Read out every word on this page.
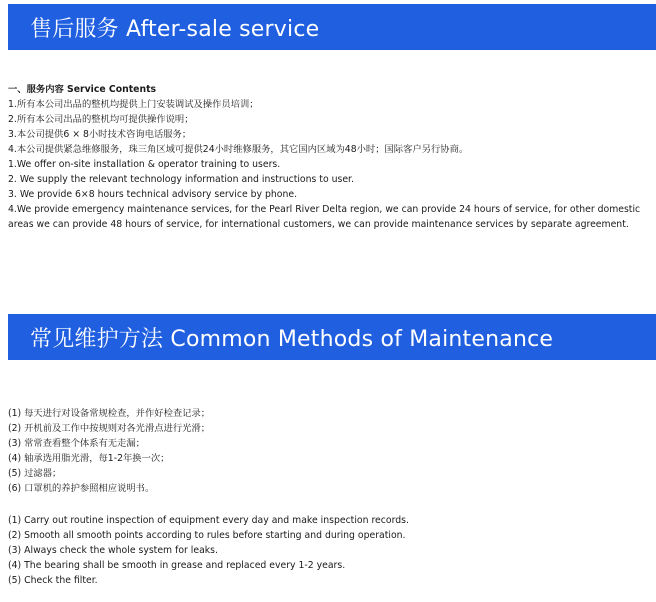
售后服务 After-sale service
一、服务内容 Service Contents
1.所有本公司出品的整机均提供上门安装调试及操作员培训；
2.所有本公司出品的整机均可提供操作说明；
3.本公司提供6 × 8小时技术咨询电话服务；
4.本公司提供紧急维修服务，珠三角区域可提供24小时维修服务，其它国内区域为48小时；国际客户另行协商。
1.We offer on-site installation & operator training to users.
2. We supply the relevant technology information and instructions to user.
3. We provide 6×8 hours technical advisory service by phone.
4.We provide emergency maintenance services, for the Pearl River Delta region, we can provide 24 hours of service, for other domestic areas we can provide 48 hours of service, for international customers, we can provide maintenance services by separate agreement.
常见维护方法 Common Methods of Maintenance
(1) 每天进行对设备常规检查，并作好检查记录；
(2) 开机前及工作中按规则对各光滑点进行光滑；
(3) 常常查看整个体系有无走漏；
(4) 轴承选用脂光滑，每1-2年换一次；
(5) 过滤器；
(6) 口罩机的养护参照相应说明书。
(1) Carry out routine inspection of equipment every day and make inspection records.
(2) Smooth all smooth points according to rules before starting and during operation.
(3) Always check the whole system for leaks.
(4) The bearing shall be smooth in grease and replaced every 1-2 years.
(5) Check the filter.
